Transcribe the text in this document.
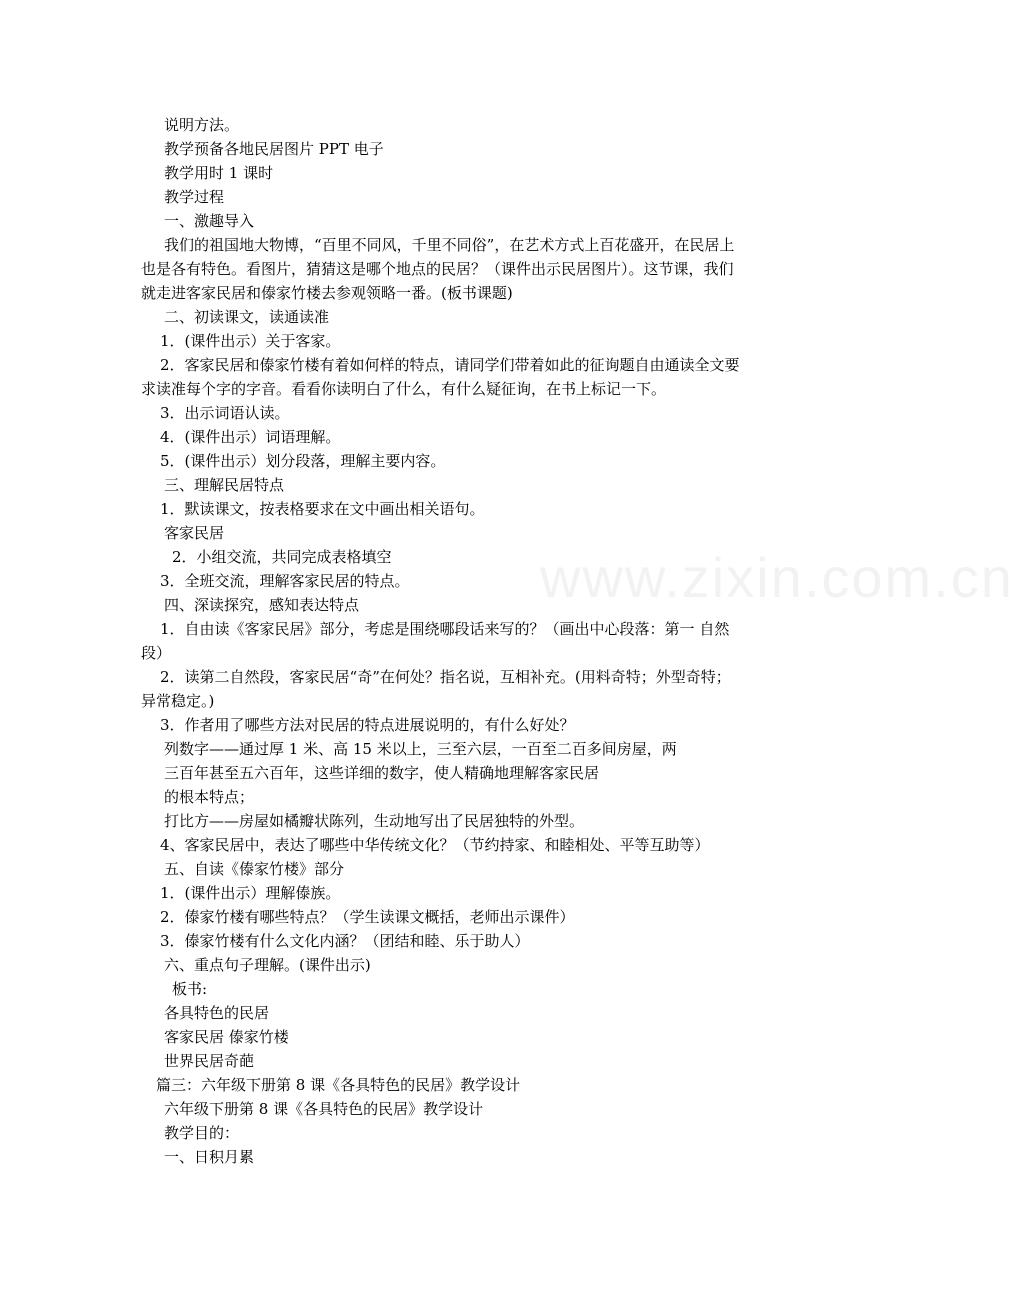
www.zixin.com.cn
说明方法。
教学预备各地民居图片 PPT 电子
教学用时 1 课时
教学过程
一、激趣导入
我们的祖国地大物博，“百里不同风，千里不同俗”，在艺术方式上百花盛开，在民居上
也是各有特色。看图片，猜猜这是哪个地点的民居？（课件出示民居图片）。这节课，我们
就走进客家民居和傣家竹楼去参观领略一番。(板书课题)
二、初读课文，读通读准
1．(课件出示）关于客家。
2．客家民居和傣家竹楼有着如何样的特点，请同学们带着如此的征询题自由通读全文要
求读准每个字的字音。看看你读明白了什么，有什么疑征询，在书上标记一下。
3．出示词语认读。
4．(课件出示）词语理解。
5．(课件出示）划分段落，理解主要内容。
三、理解民居特点
1．默读课文，按表格要求在文中画出相关语句。
客家民居
2．小组交流，共同完成表格填空
3．全班交流，理解客家民居的特点。
四、深读探究，感知表达特点
1．自由读《客家民居》部分，考虑是围绕哪段话来写的？（画出中心段落：第一 自然
段）
2．读第二自然段，客家民居“奇”在何处？指名说，互相补充。(用料奇特；外型奇特；
异常稳定。)
3．作者用了哪些方法对民居的特点进展说明的，有什么好处？
列数字——通过厚 1 米、高 15 米以上，三至六层，一百至二百多间房屋，两
三百年甚至五六百年，这些详细的数字，使人精确地理解客家民居
的根本特点；
打比方——房屋如橘瓣状陈列，生动地写出了民居独特的外型。
4、客家民居中，表达了哪些中华传统文化？（节约持家、和睦相处、平等互助等）
五、自读《傣家竹楼》部分
1．(课件出示）理解傣族。
2．傣家竹楼有哪些特点？（学生读课文概括，老师出示课件）
3．傣家竹楼有什么文化内涵？（团结和睦、乐于助人）
六、重点句子理解。(课件出示)
板书:
各具特色的民居
客家民居 傣家竹楼
世界民居奇葩
篇三：六年级下册第 8 课《各具特色的民居》教学设计
六年级下册第 8 课《各具特色的民居》教学设计
教学目的：
一、日积月累
